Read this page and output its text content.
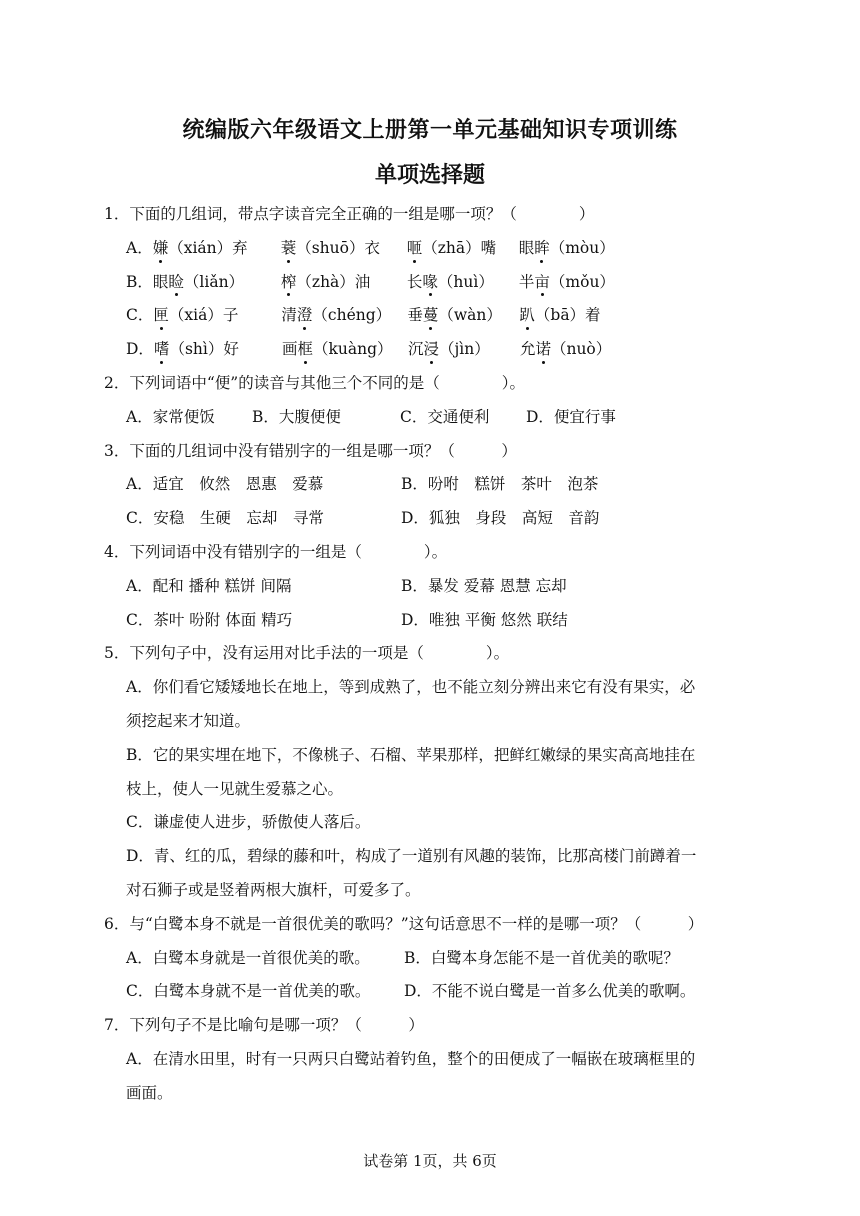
统编版六年级语文上册第一单元基础知识专项训练
单项选择题
1．下面的几组词，带点字读音完全正确的一组是哪一项？（　　　　）
A．嫌（xián）弃 蓑（shuō）衣 咂（zhā）嘴 眼眸（mòu）
B．眼睑（liǎn） 榨（zhà）油 长喙（huì） 半亩（mǒu）
C．匣（xiá）子	清澄（chéng） 垂蔓（wàn） 趴（bā）着
D．嗜（shì）好	画框（kuàng） 沉浸（jìn） 允诺（nuò）
2．下列词语中“便”的读音与其他三个不同的是（　　　　）。
A．家常便饭 B．大腹便便	C．交通便利 D．便宜行事
3．下面的几组词中没有错别字的一组是哪一项？（　　　）
A．适宜　攸然　恩惠　爱慕	B．吩咐　糕饼　茶叶　泡茶
C．安稳　生硬　忘却　寻常	D．狐独　身段　高短　音韵
4．下列词语中没有错别字的一组是（　　　　）。
A．配和 播种 糕饼 间隔	B．暴发 爱幕 恩慧 忘却
C．茶叶 吩附 体面 精巧	D．唯独 平衡 悠然 联结
5．下列句子中，没有运用对比手法的一项是（　　　　）。
A．你们看它矮矮地长在地上，等到成熟了，也不能立刻分辨出来它有没有果实，必
须挖起来才知道。
B．它的果实埋在地下，不像桃子、石榴、苹果那样，把鲜红嫩绿的果实高高地挂在
枝上，使人一见就生爱慕之心。
C．谦虚使人进步，骄傲使人落后。
D．青、红的瓜，碧绿的藤和叶，构成了一道别有风趣的装饰，比那高楼门前蹲着一
对石狮子或是竖着两根大旗杆，可爱多了。
6．与“白鹭本身不就是一首很优美的歌吗？”这句话意思不一样的是哪一项？（　　　）
A．白鹭本身就是一首很优美的歌。 B．白鹭本身怎能不是一首优美的歌呢？
C．白鹭本身就不是一首优美的歌。 D．不能不说白鹭是一首多么优美的歌啊。
7．下列句子不是比喻句是哪一项？（　　　）
A．在清水田里，时有一只两只白鹭站着钓鱼，整个的田便成了一幅嵌在玻璃框里的
画面。
试卷第 1页，共 6页
